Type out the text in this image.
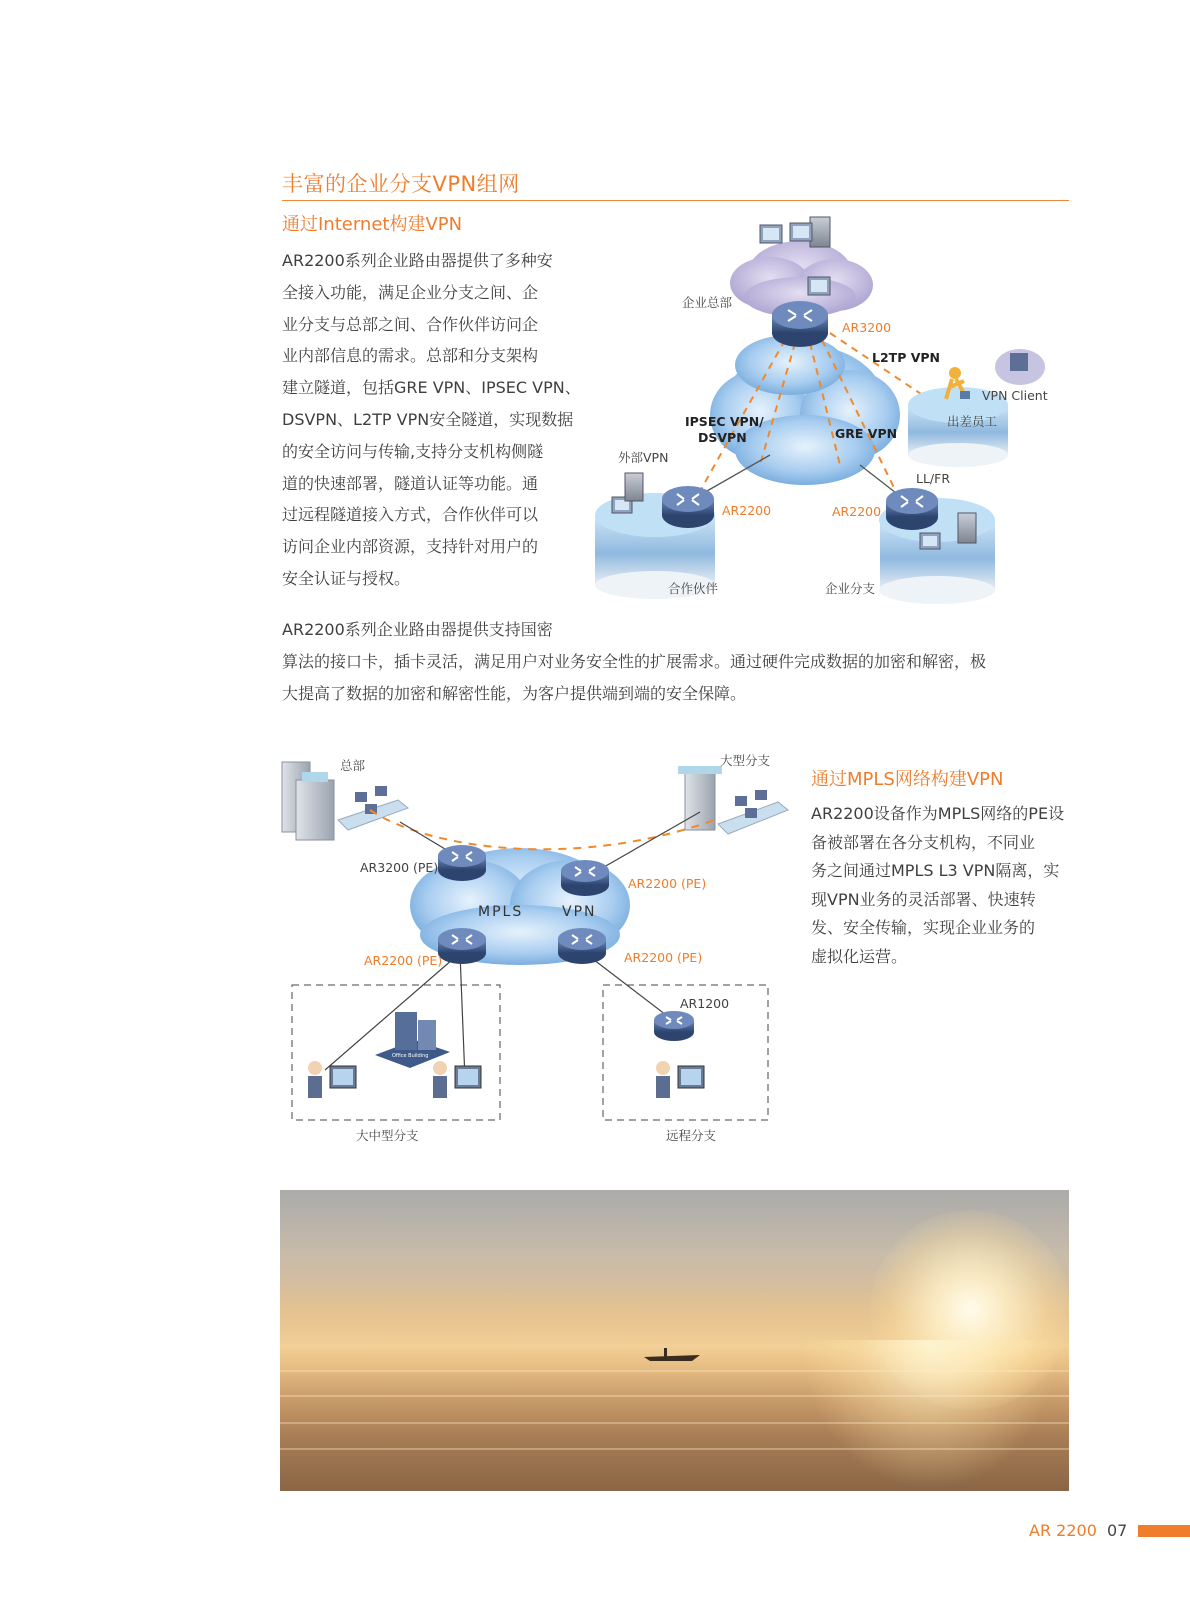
丰富的企业分支VPN组网
通过Internet构建VPN

AR2200系列企业路由器提供了多种安

全接入功能，满足企业分支之间、企

业分支与总部之间、合作伙伴访问企

业内部信息的需求。总部和分支架构

建立隧道，包括GRE VPN、IPSEC VPN、

DSVPN、L2TP VPN安全隧道，实现数据

的安全访问与传输,支持分支机构侧隧

道的快速部署，隧道认证等功能。通

过远程隧道接入方式，合作伙伴可以

访问企业内部资源，支持针对用户的

安全认证与授权。

AR2200系列企业路由器提供支持国密

算法的接口卡，插卡灵活，满足用户对业务安全性的扩展需求。通过硬件完成数据的加密和解密，极

大提高了数据的加密和解密性能，为客户提供端到端的安全保障。

企业总部
AR3200
L2TP VPN
VPN Client
出差员工
IPSEC VPN/
DSVPN	GRE VPN
外部VPN
LL/FR
AR2200	AR2200
合作伙伴	企业分支
Office Building
总部	大型分支
AR3200 (PE)
AR2200 (PE)
MPLS	VPN
AR2200 (PE)	AR2200 (PE)
AR1200
大中型分支	远程分支
通过MPLS网络构建VPN

AR2200设备作为MPLS网络的PE设

备被部署在各分支机构，不同业

务之间通过MPLS L3 VPN隔离，实

现VPN业务的灵活部署、快速转

发、安全传输，实现企业业务的

虚拟化运营。

AR 2200 07
